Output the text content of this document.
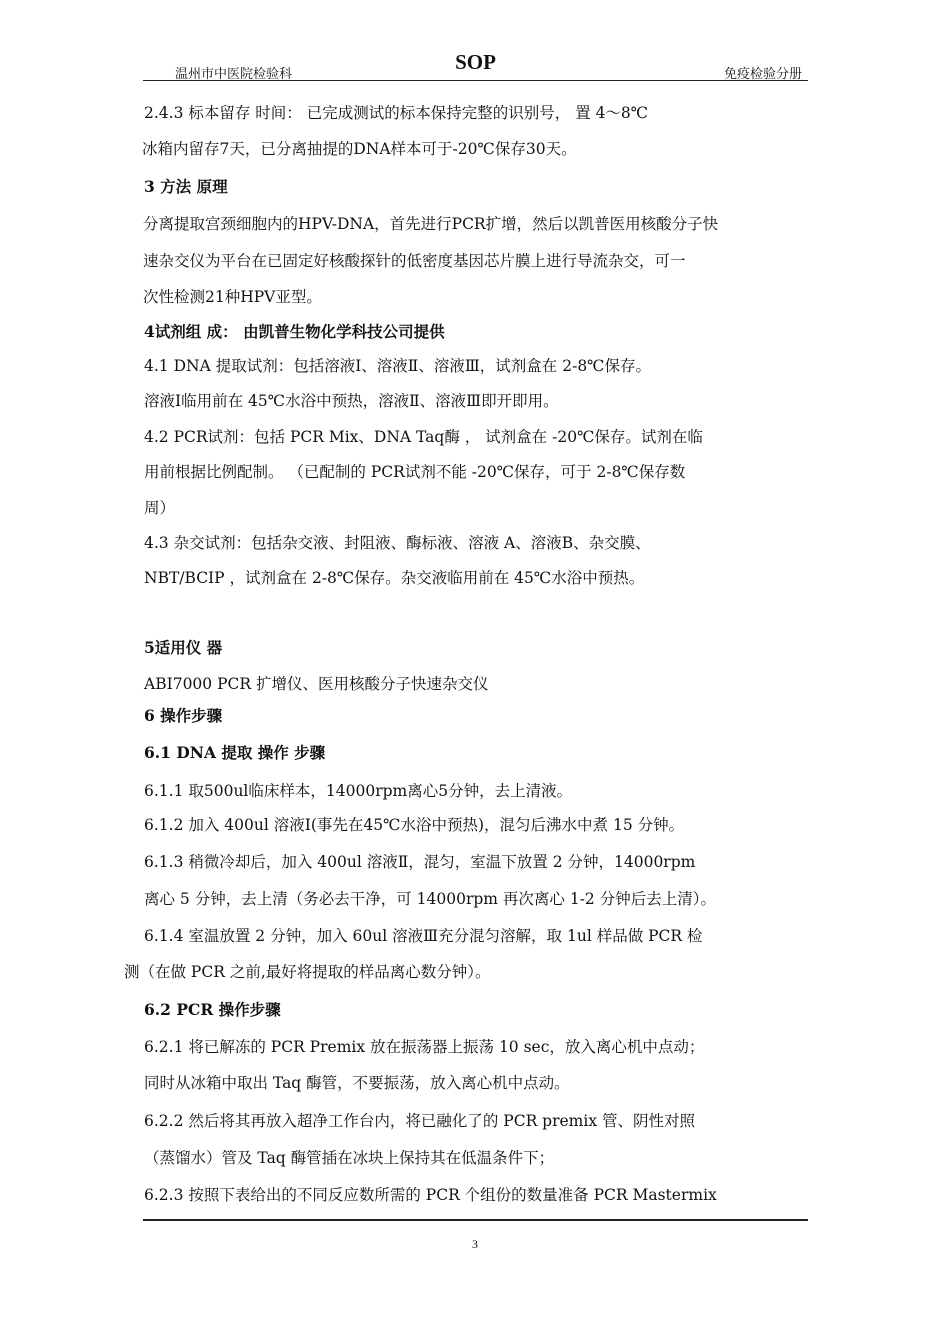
温州市中医院检验科
SOP
免疫检验分册
2.4.3 标本留存 时间： 已完成测试的标本保持完整的识别号， 置 4～8℃
冰箱内留存7天，已分离抽提的DNA样本可于-20℃保存30天。
3 方法 原理
分离提取宫颈细胞内的HPV-DNA，首先进行PCR扩增，然后以凯普医用核酸分子快
速杂交仪为平台在已固定好核酸探针的低密度基因芯片膜上进行导流杂交，可一
次性检测21种HPV亚型。
4试剂组 成： 由凯普生物化学科技公司提供
4.1 DNA 提取试剂：包括溶液Ⅰ、溶液Ⅱ、溶液Ⅲ，试剂盒在 2-8℃保存。
溶液Ⅰ临用前在 45℃水浴中预热，溶液Ⅱ、溶液Ⅲ即开即用。
4.2 PCR试剂：包括 PCR Mix、DNA Taq酶 ， 试剂盒在 -20℃保存。试剂在临
用前根据比例配制。 （已配制的 PCR试剂不能 -20℃保存，可于 2-8℃保存数
周）
4.3 杂交试剂：包括杂交液、封阻液、酶标液、溶液 A、溶液B、杂交膜、
NBT/BCIP ，试剂盒在 2-8℃保存。杂交液临用前在 45℃水浴中预热。
5适用仪 器
ABI7000 PCR 扩增仪、医用核酸分子快速杂交仪
6 操作步骤
6.1 DNA 提取 操作 步骤
6.1.1 取500ul临床样本，14000rpm离心5分钟，去上清液。
6.1.2 加入 400ul 溶液Ⅰ(事先在45℃水浴中预热)，混匀后沸水中煮 15 分钟。
6.1.3 稍微冷却后，加入 400ul 溶液Ⅱ，混匀，室温下放置 2 分钟，14000rpm
离心 5 分钟，去上清（务必去干净，可 14000rpm 再次离心 1-2 分钟后去上清）。
6.1.4 室温放置 2 分钟，加入 60ul 溶液Ⅲ充分混匀溶解，取 1ul 样品做 PCR 检
测（在做 PCR 之前,最好将提取的样品离心数分钟）。
6.2 PCR 操作步骤
6.2.1 将已解冻的 PCR Premix 放在振荡器上振荡 10 sec，放入离心机中点动；
同时从冰箱中取出 Taq 酶管，不要振荡，放入离心机中点动。
6.2.2 然后将其再放入超净工作台内，将已融化了的 PCR premix 管、阴性对照
（蒸馏水）管及 Taq 酶管插在冰块上保持其在低温条件下；
6.2.3 按照下表给出的不同反应数所需的 PCR 个组份的数量准备 PCR Mastermix
3
